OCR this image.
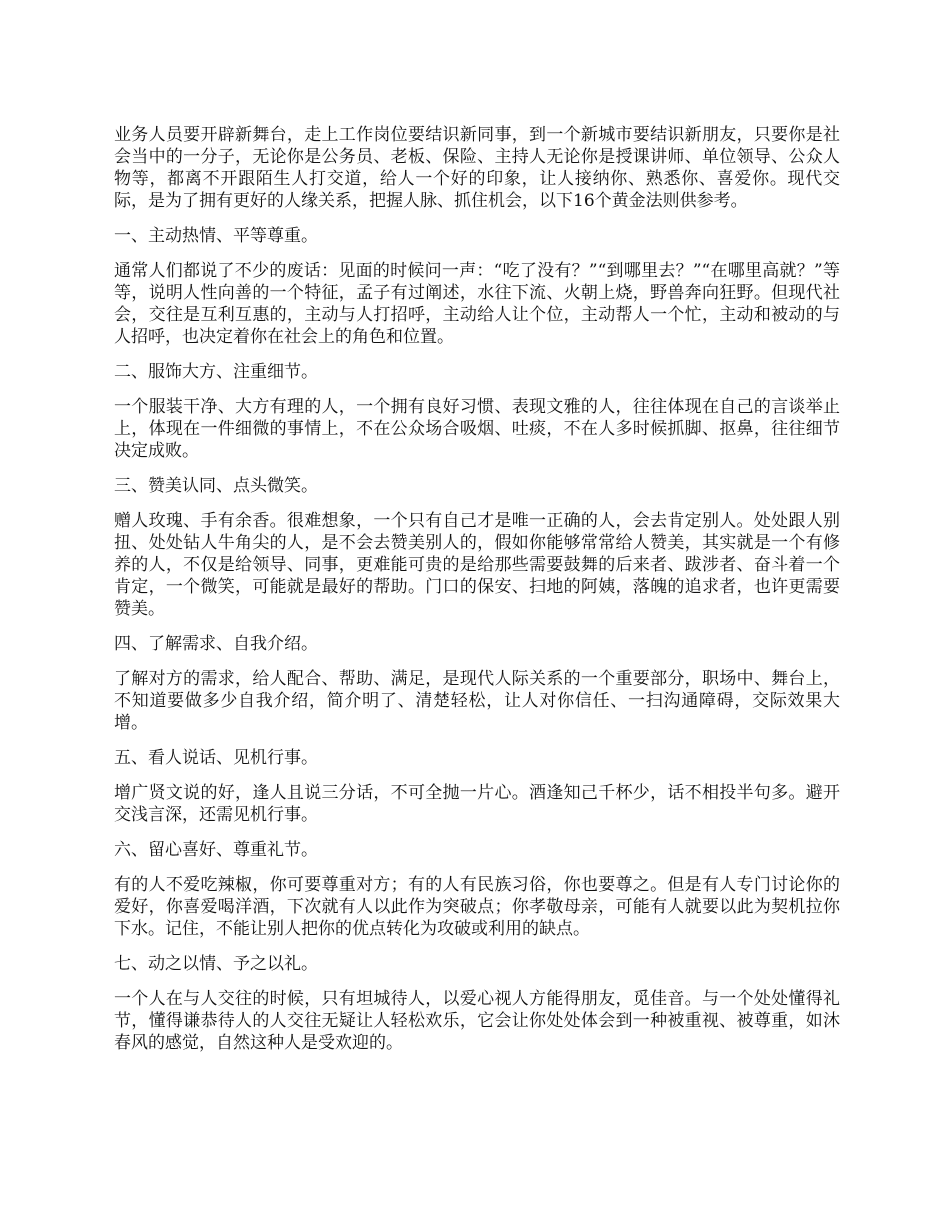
业务人员要开辟新舞台，走上工作岗位要结识新同事，到一个新城市要结识新朋友，只要你是社会当中的一分子，无论你是公务员、老板、保险、主持人无论你是授课讲师、单位领导、公众人物等，都离不开跟陌生人打交道，给人一个好的印象，让人接纳你、熟悉你、喜爱你。现代交际，是为了拥有更好的人缘关系，把握人脉、抓住机会，以下16个黄金法则供参考。

一、主动热情、平等尊重。

通常人们都说了不少的废话：见面的时候问一声：“吃了没有？”“到哪里去？”“在哪里高就？”等等，说明人性向善的一个特征，孟子有过阐述，水往下流、火朝上烧，野兽奔向狂野。但现代社会，交往是互利互惠的，主动与人打招呼，主动给人让个位，主动帮人一个忙，主动和被动的与人招呼，也决定着你在社会上的角色和位置。

二、服饰大方、注重细节。

一个服装干净、大方有理的人，一个拥有良好习惯、表现文雅的人，往往体现在自己的言谈举止上，体现在一件细微的事情上，不在公众场合吸烟、吐痰，不在人多时候抓脚、抠鼻，往往细节决定成败。

三、赞美认同、点头微笑。

赠人玫瑰、手有余香。很难想象，一个只有自己才是唯一正确的人，会去肯定别人。处处跟人别扭、处处钻人牛角尖的人，是不会去赞美别人的，假如你能够常常给人赞美，其实就是一个有修养的人，不仅是给领导、同事，更难能可贵的是给那些需要鼓舞的后来者、跋涉者、奋斗着一个肯定，一个微笑，可能就是最好的帮助。门口的保安、扫地的阿姨，落魄的追求者，也许更需要赞美。

四、了解需求、自我介绍。

了解对方的需求，给人配合、帮助、满足，是现代人际关系的一个重要部分，职场中、舞台上，不知道要做多少自我介绍，简介明了、清楚轻松，让人对你信任、一扫沟通障碍，交际效果大增。

五、看人说话、见机行事。

增广贤文说的好，逢人且说三分话，不可全抛一片心。酒逢知己千杯少，话不相投半句多。避开交浅言深，还需见机行事。

六、留心喜好、尊重礼节。

有的人不爱吃辣椒，你可要尊重对方；有的人有民族习俗，你也要尊之。但是有人专门讨论你的爱好，你喜爱喝洋酒，下次就有人以此作为突破点；你孝敬母亲，可能有人就要以此为契机拉你下水。记住，不能让别人把你的优点转化为攻破或利用的缺点。

七、动之以情、予之以礼。

一个人在与人交往的时候，只有坦城待人，以爱心视人方能得朋友，觅佳音。与一个处处懂得礼节，懂得谦恭待人的人交往无疑让人轻松欢乐，它会让你处处体会到一种被重视、被尊重，如沐春风的感觉，自然这种人是受欢迎的。
